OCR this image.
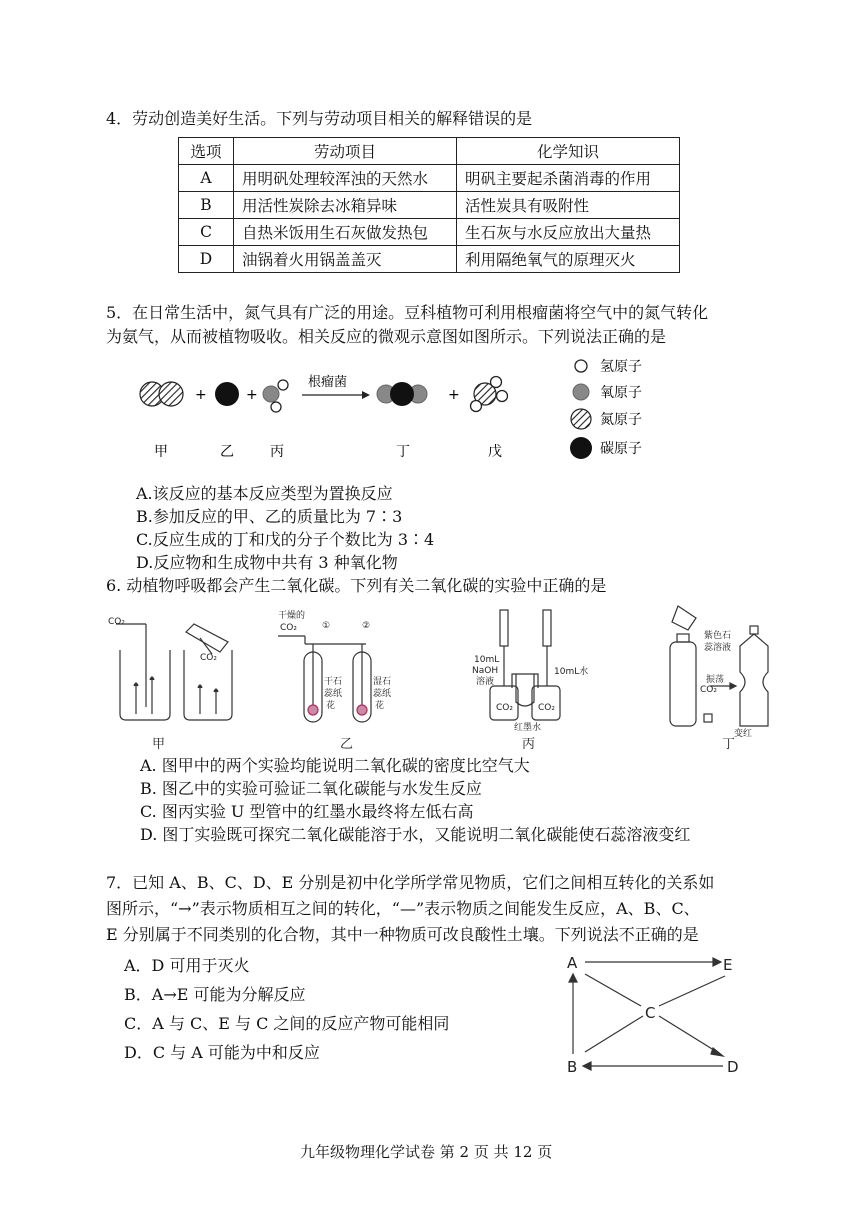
4．劳动创造美好生活。下列与劳动项目相关的解释错误的是
选项	劳动项目	化学知识
A	用明矾处理较浑浊的天然水	明矾主要起杀菌消毒的作用
B	用活性炭除去冰箱异味	活性炭具有吸附性
C	自热米饭用生石灰做发热包	生石灰与水反应放出大量热
D	油锅着火用锅盖盖灭	利用隔绝氧气的原理灭火
5．在日常生活中，氮气具有广泛的用途。豆科植物可利用根瘤菌将空气中的氮气转化
为氨气，从而被植物吸收。相关反应的微观示意图如图所示。下列说法正确的是
+	+
根瘤菌
+
甲	乙	丙	丁	戊
氢原子
氧原子
氮原子
碳原子
A.该反应的基本反应类型为置换反应
B.参加反应的甲、乙的质量比为 7∶3
C.反应生成的丁和戊的分子个数比为 3∶4
D.反应物和生成物中共有 3 种氧化物
6. 动植物呼吸都会产生二氧化碳。下列有关二氧化碳的实验中正确的是
CO₂
CO₂
干燥的
CO₂	①	②
干石
蕊纸
花
湿石
蕊纸
花
10mL
NaOH
溶液
10mL水
CO₂	CO₂
红墨水
紫色石
蕊溶液
振荡
CO₂
变红
甲	乙	丙	丁
A. 图甲中的两个实验均能说明二氧化碳的密度比空气大
B. 图乙中的实验可验证二氧化碳能与水发生反应
C. 图丙实验 U 型管中的红墨水最终将左低右高
D. 图丁实验既可探究二氧化碳能溶于水，又能说明二氧化碳能使石蕊溶液变红
7．已知 A、B、C、D、E 分别是初中化学所学常见物质，它们之间相互转化的关系如
图所示，“→”表示物质相互之间的转化，“—”表示物质之间能发生反应，A、B、C、
E 分别属于不同类别的化合物，其中一种物质可改良酸性土壤。下列说法不正确的是
A．D 可用于灭火
B．A→E 可能为分解反应
C．A 与 C、E 与 C 之间的反应产物可能相同
D．C 与 A 可能为中和反应
A	E
C
B	D
九年级物理化学试卷 第 2 页 共 12 页
